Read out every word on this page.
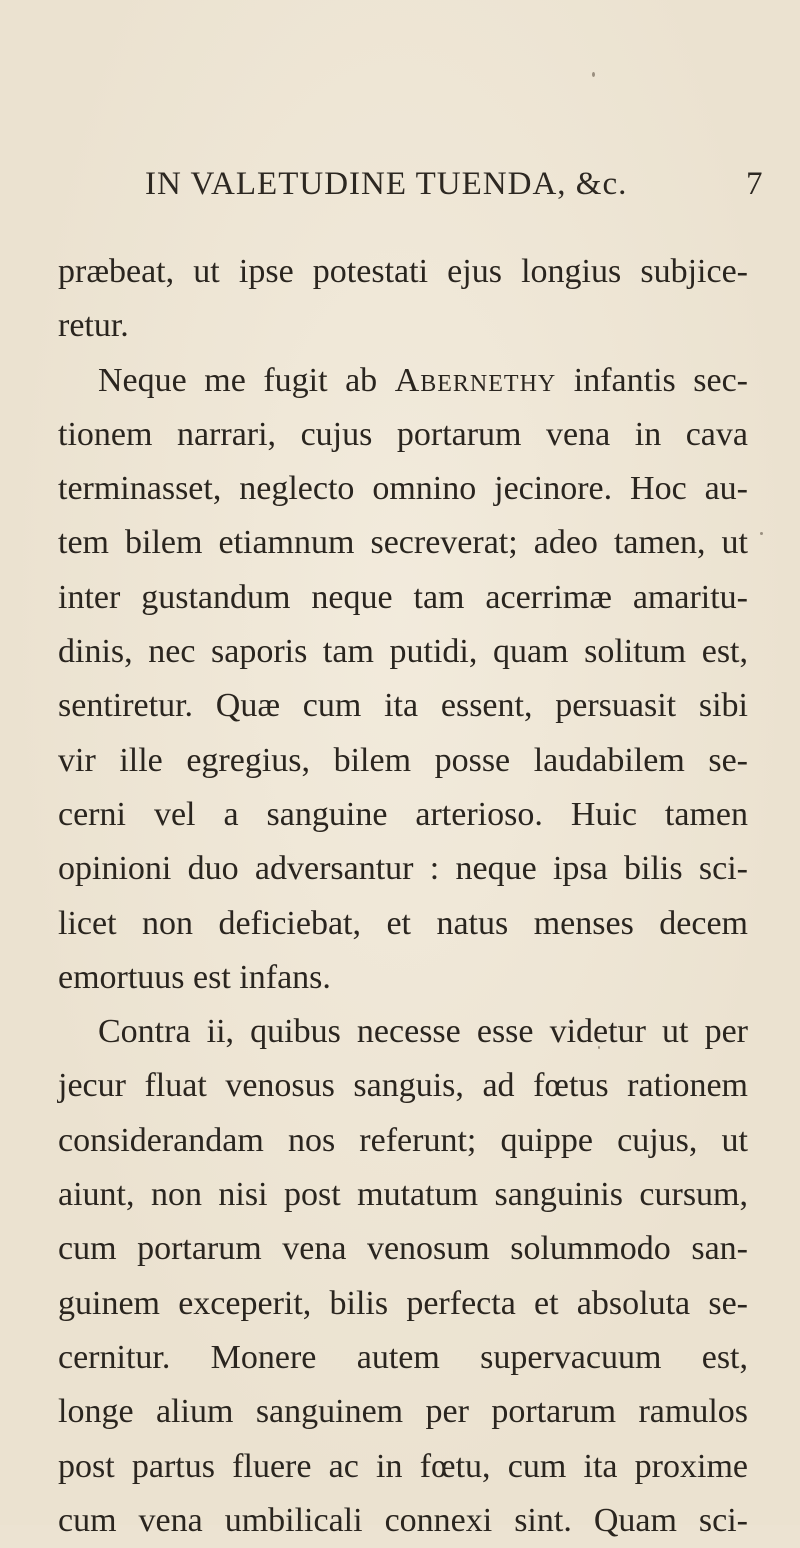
IN VALETUDINE TUENDA, &c.	7
præbeat, ut ipse potestati ejus longius subjice-
retur.
Neque me fugit ab Abernethy infantis sec-
tionem narrari, cujus portarum vena in cava
terminasset, neglecto omnino jecinore. Hoc au-
tem bilem etiamnum secreverat; adeo tamen, ut
inter gustandum neque tam acerrimæ amaritu-
dinis, nec saporis tam putidi, quam solitum est,
sentiretur. Quæ cum ita essent, persuasit sibi
vir ille egregius, bilem posse laudabilem se-
cerni vel a sanguine arterioso. Huic tamen
opinioni duo adversantur : neque ipsa bilis sci-
licet non deficiebat, et natus menses decem
emortuus est infans.
Contra ii, quibus necesse esse videtur ut per
jecur fluat venosus sanguis, ad fœtus rationem
considerandam nos referunt; quippe cujus, ut
aiunt, non nisi post mutatum sanguinis cursum,
cum portarum vena venosum solummodo san-
guinem exceperit, bilis perfecta et absoluta se-
cernitur. Monere autem supervacuum est,
longe alium sanguinem per portarum ramulos
post partus fluere ac in fœtu, cum ita proxime
cum vena umbilicali connexi sint. Quam sci-
